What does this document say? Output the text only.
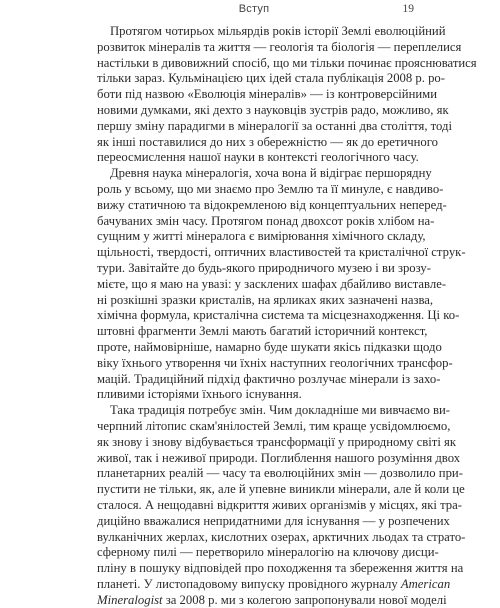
Вступ	19
Протягом чотирьох мільярдів років історії Землі еволюційний
розвиток мінералів та життя — геологія та біологія — переплелися
настільки в дивовижний спосіб, що ми тільки починає прояснюватися
тільки зараз. Кульмінацією цих ідей стала публікація 2008 р. ро-
боти під назвою «Еволюція мінералів» — із контроверсійними
новими думками, які дехто з науковців зустрів радо, можливо, як
першу зміну парадигми в мінералогії за останні два століття, тоді
як інші поставилися до них з обережністю — як до еретичного
переосмислення нашої науки в контексті геологічного часу.
Древня наука мінералогія, хоча вона й відіграє першорядну
роль у всьому, що ми знаємо про Землю та її минуле, є навдиво-
вижу статичною та відокремленою від концептуальних неперед-
бачуваних змін часу. Протягом понад двохсот років хлібом на-
сущним у житті мінералога є вимірювання хімічного складу,
щільності, твердості, оптичних властивостей та кристалічної струк-
тури. Завітайте до будь-якого природничого музею і ви зрозу-
мієте, що я маю на увазі: у засклених шафах дбайливо виставле-
ні розкішні зразки кристалів, на ярликах яких зазначені назва,
хімічна формула, кристалічна система та місцезнаходження. Ці ко-
штовні фрагменти Землі мають багатий історичний контекст,
проте, наймовірніше, намарно буде шукати якісь підказки щодо
віку їхнього утворення чи їхніх наступних геологічних трансфор-
мацій. Традиційний підхід фактично розлучає мінерали із захо-
пливими історіями їхнього існування.
Така традиція потребує змін. Чим докладніше ми вивчаємо ви-
черпний літопис скам'янілостей Землі, тим краще усвідомлюємо,
як знову і знову відбувається трансформації у природному світі як
живої, так і неживої природи. Поглиблення нашого розуміння двох
планетарних реалій — часу та еволюційних змін — дозволило при-
пустити не тільки, як, але й упевне виникли мінерали, але й коли це
сталося. А нещодавні відкриття живих організмів у місцях, які тра-
диційно вважалися непридатними для існування — у розпечених
вулканічних жерлах, кислотних озерах, арктичних льодах та страто-
сферному пилі — перетворило мінералогію на ключову дисци-
пліну в пошуку відповідей про походження та збереження життя на
планеті. У листопадовому випуску провідного журналу American
Mineralogist за 2008 р. ми з колегою запропонували нової моделі
